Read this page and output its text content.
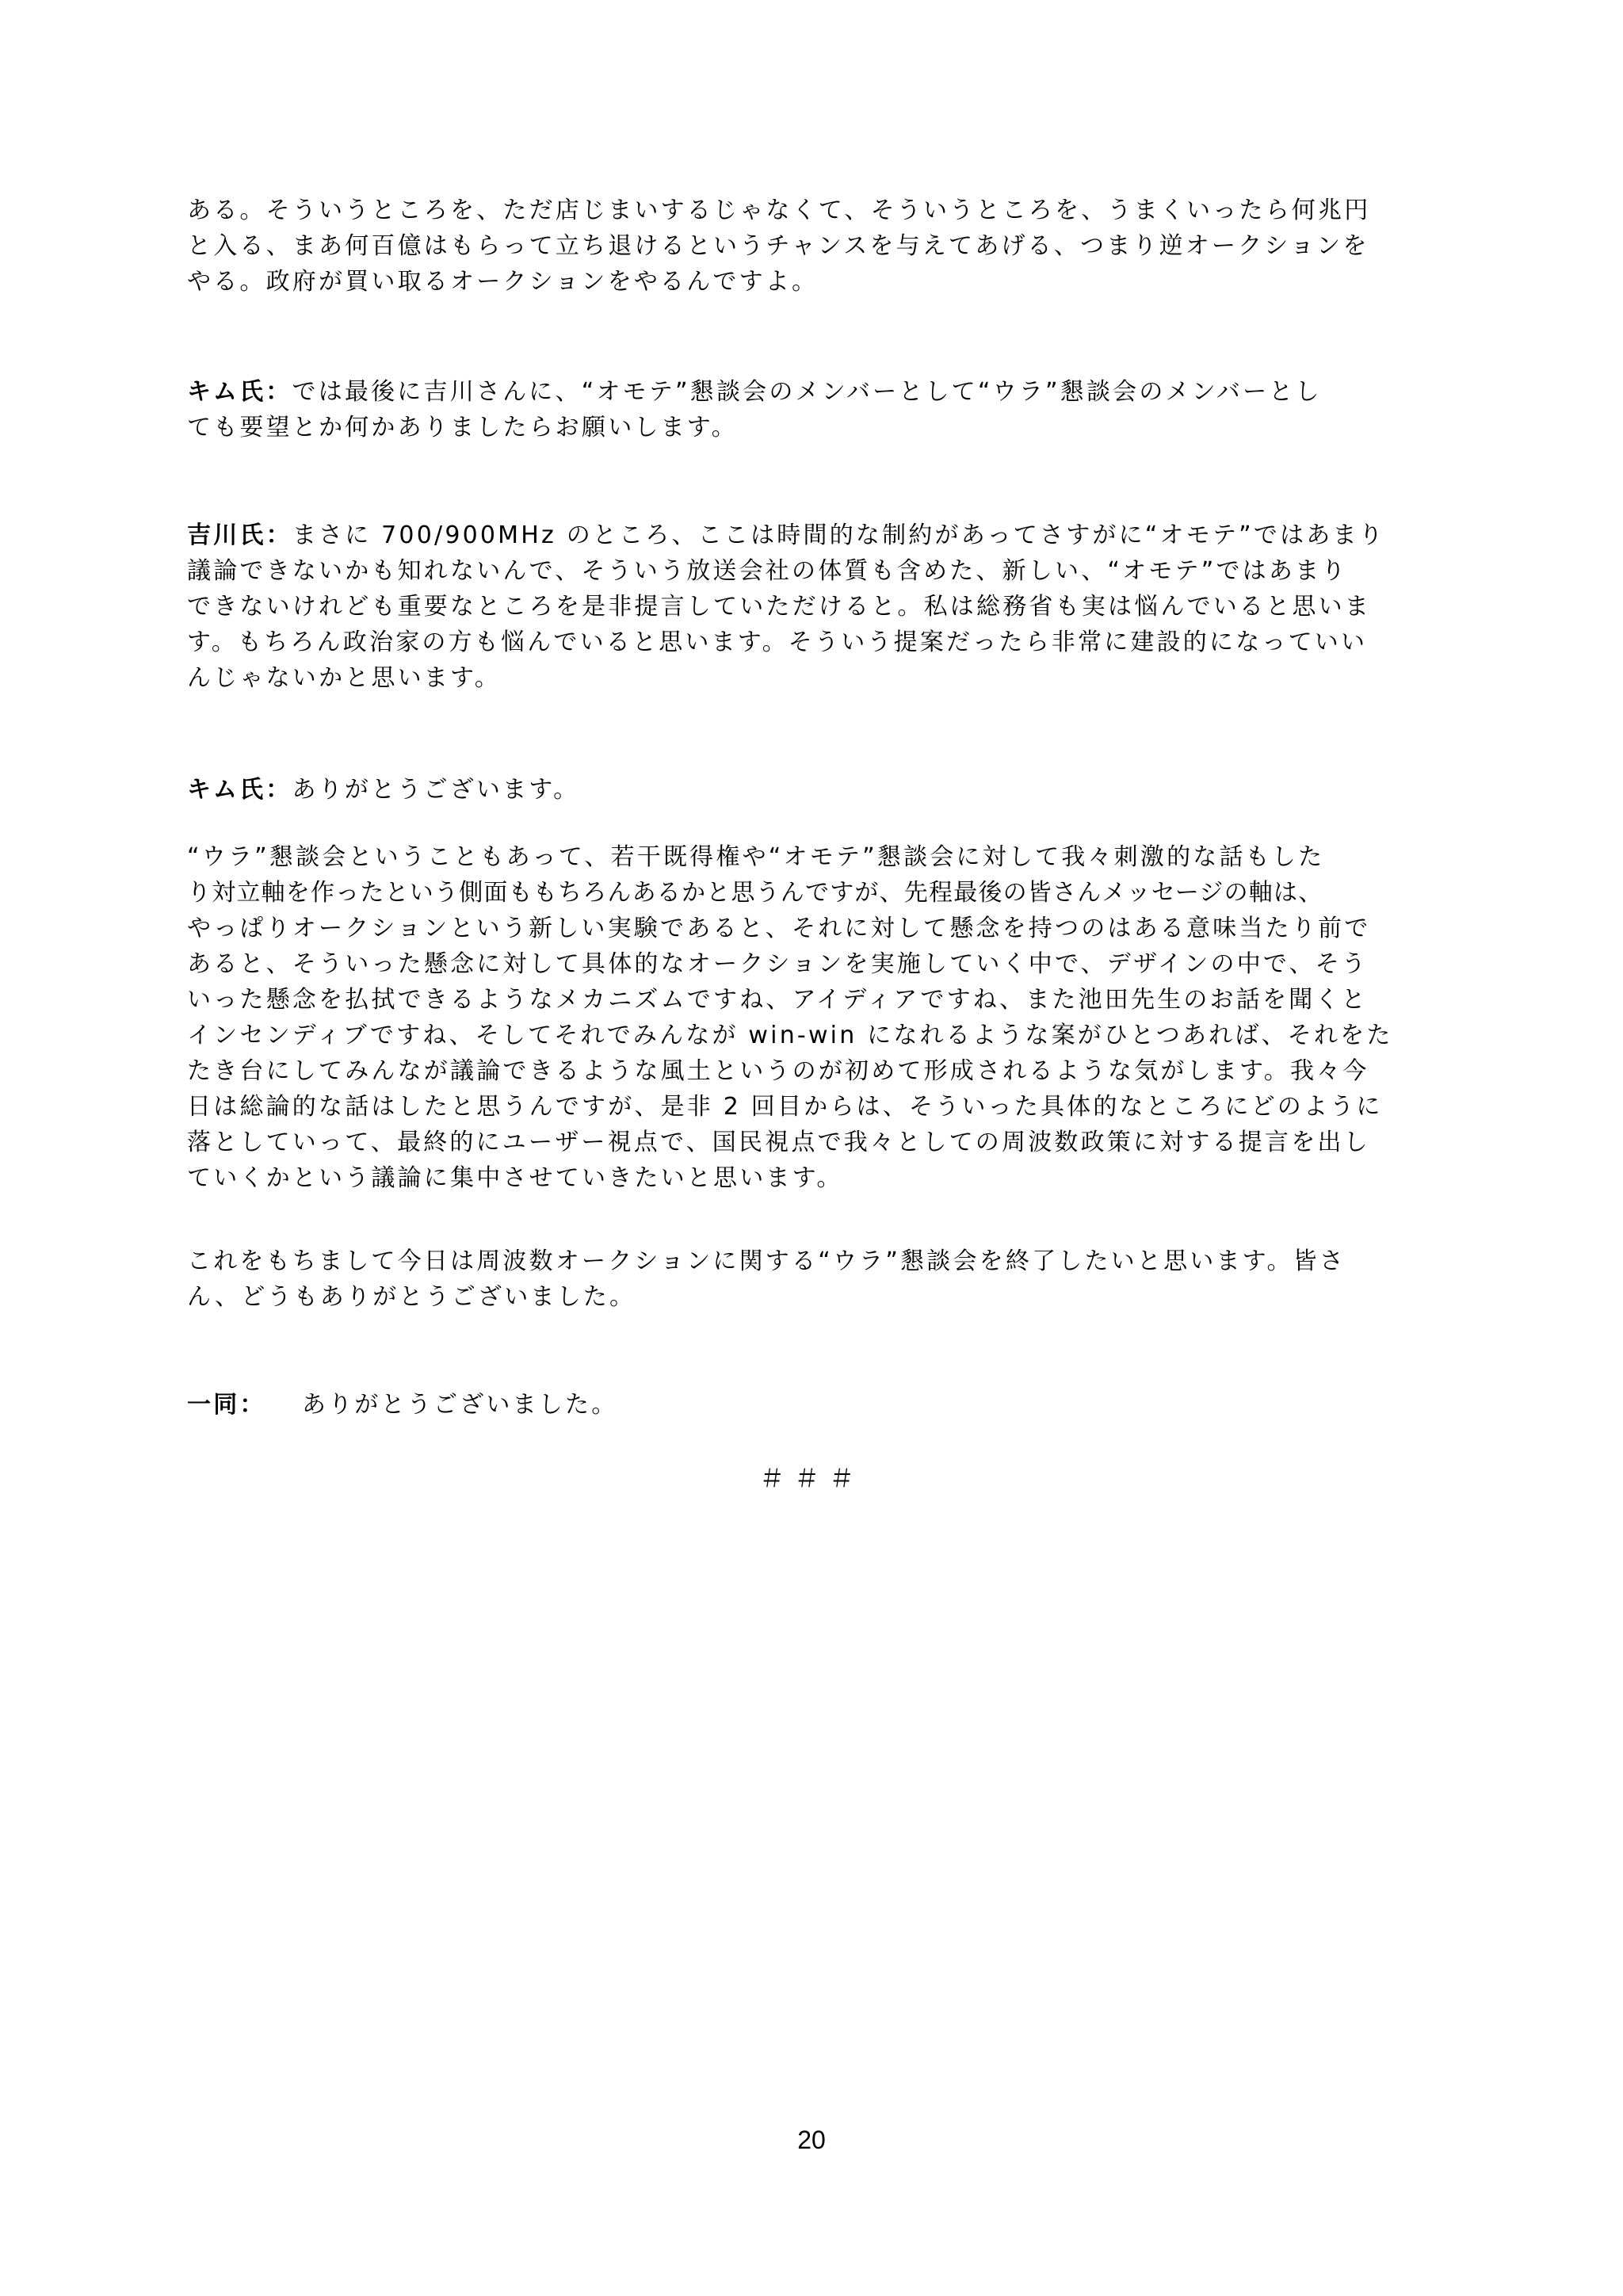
ある。そういうところを、ただ店じまいするじゃなくて、そういうところを、うまくいったら何兆円
と入る、まあ何百億はもらって立ち退けるというチャンスを与えてあげる、つまり逆オークションを
やる。政府が買い取るオークションをやるんですよ。

キム氏：では最後に吉川さんに、“オモテ”懇談会のメンバーとして“ウラ”懇談会のメンバーとし
ても要望とか何かありましたらお願いします。

吉川氏：まさに 700/900MHz のところ、ここは時間的な制約があってさすがに“オモテ”ではあまり
議論できないかも知れないんで、そういう放送会社の体質も含めた、新しい、“オモテ”ではあまり
できないけれども重要なところを是非提言していただけると。私は総務省も実は悩んでいると思いま
す。もちろん政治家の方も悩んでいると思います。そういう提案だったら非常に建設的になっていい
んじゃないかと思います。

キム氏：ありがとうございます。

“ウラ”懇談会ということもあって、若干既得権や“オモテ”懇談会に対して我々刺激的な話もした
り対立軸を作ったという側面ももちろんあるかと思うんですが、先程最後の皆さんメッセージの軸は、
やっぱりオークションという新しい実験であると、それに対して懸念を持つのはある意味当たり前で
あると、そういった懸念に対して具体的なオークションを実施していく中で、デザインの中で、そう
いった懸念を払拭できるようなメカニズムですね、アイディアですね、また池田先生のお話を聞くと
インセンディブですね、そしてそれでみんなが win-win になれるような案がひとつあれば、それをた
たき台にしてみんなが議論できるような風土というのが初めて形成されるような気がします。我々今
日は総論的な話はしたと思うんですが、是非 2 回目からは、そういった具体的なところにどのように
落としていって、最終的にユーザー視点で、国民視点で我々としての周波数政策に対する提言を出し
ていくかという議論に集中させていきたいと思います。

これをもちまして今日は周波数オークションに関する“ウラ”懇談会を終了したいと思います。皆さ
ん、どうもありがとうございました。

一同： ありがとうございました。

＃＃＃
20
